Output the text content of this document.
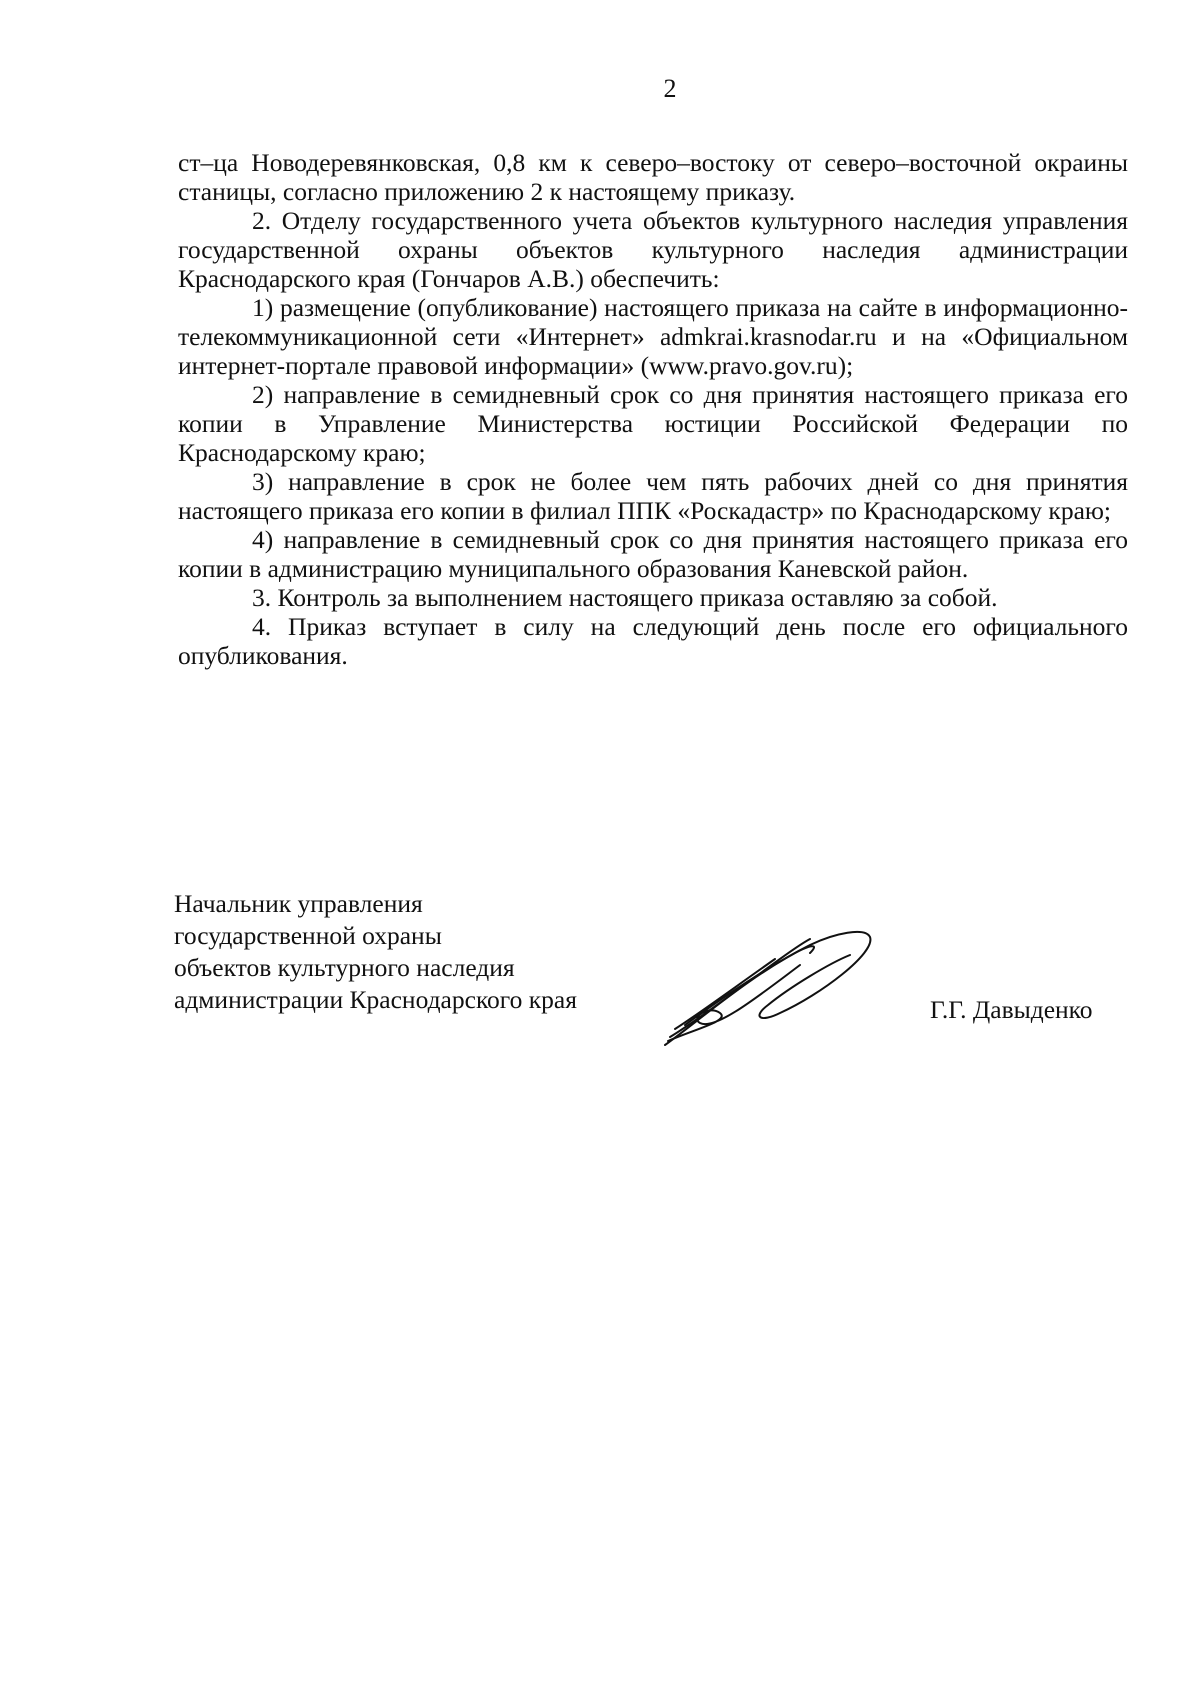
2

ст–ца Новодеревянковская, 0,8 км к северо–востоку от северо–восточной окраины станицы, согласно приложению 2 к настоящему приказу.

2. Отделу государственного учета объектов культурного наследия управления государственной охраны объектов культурного наследия администрации Краснодарского края (Гончаров А.В.) обеспечить:

1) размещение (опубликование) настоящего приказа на сайте в информационно-телекоммуникационной сети «Интернет» admkrai.krasnodar.ru и на «Официальном интернет-портале правовой информации» (www.pravo.gov.ru);

2) направление в семидневный срок со дня принятия настоящего приказа его копии в Управление Министерства юстиции Российской Федерации по Краснодарскому краю;

3) направление в срок не более чем пять рабочих дней со дня принятия настоящего приказа его копии в филиал ППК «Роскадастр» по Краснодарскому краю;

4) направление в семидневный срок со дня принятия настоящего приказа его копии в администрацию муниципального образования Каневской район.

3. Контроль за выполнением настоящего приказа оставляю за собой.

4. Приказ вступает в силу на следующий день после его официального опубликования.

Начальник управления
государственной охраны
объектов культурного наследия
администрации Краснодарского края	Г.Г. Давыденко
